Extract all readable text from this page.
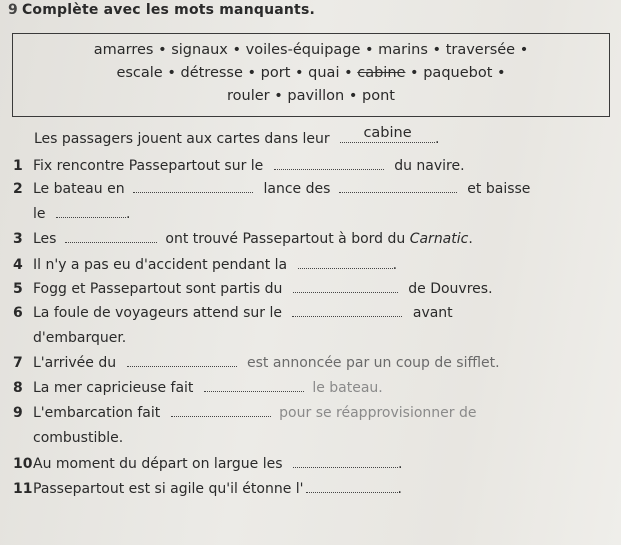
9 Complète avec les mots manquants.
amarres • signaux • voiles-équipage • marins • traversée •
escale • détresse • port • quai • cabine • paquebot •
rouler • pavillon • pont
Les passagers jouent aux cartes dans leur	cabine	.
1 Fix rencontre Passepartout sur le	du navire.
2 Le bateau en	lance des	et baisse
le	.
3 Les	ont trouvé Passepartout à bord du Carnatic.
4 Il n'y a pas eu d'accident pendant la	.
5 Fogg et Passepartout sont partis du	de Douvres.
6 La foule de voyageurs attend sur le	avant
d'embarquer.
7 L'arrivée du	est annoncée par un coup de sifflet.
8 La mer capricieuse fait	le bateau.
9 L'embarcation fait	pour se réapprovisionner de
combustible.
10Au moment du départ on largue les	.
11Passepartout est si agile qu'il étonne l'	.
